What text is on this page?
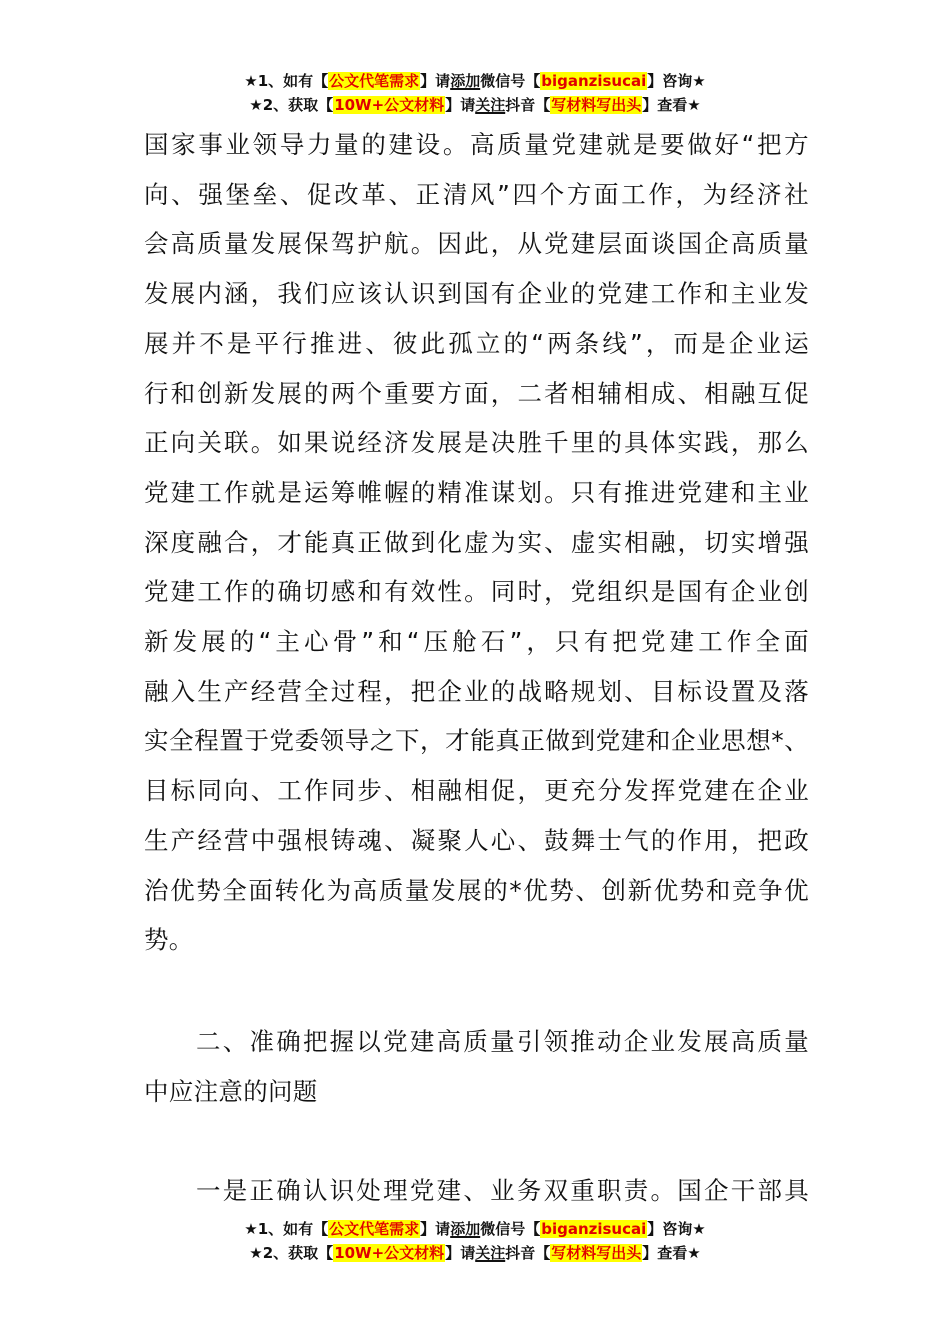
★1、如有【公文代笔需求】请添加微信号【biganzisucai】咨询★
★2、获取【10W+公文材料】请关注抖音【写材料写出头】查看★

国家事业领导力量的建设。高质量党建就是要做好“把方
向、强堡垒、促改革、正清风”四个方面工作，为经济社
会高质量发展保驾护航。因此，从党建层面谈国企高质量
发展内涵，我们应该认识到国有企业的党建工作和主业发
展并不是平行推进、彼此孤立的“两条线”，而是企业运
行和创新发展的两个重要方面，二者相辅相成、相融互促
正向关联。如果说经济发展是决胜千里的具体实践，那么
党建工作就是运筹帷幄的精准谋划。只有推进党建和主业
深度融合，才能真正做到化虚为实、虚实相融，切实增强
党建工作的确切感和有效性。同时，党组织是国有企业创
新发展的“主心骨”和“压舱石”，只有把党建工作全面
融入生产经营全过程，把企业的战略规划、目标设置及落
实全程置于党委领导之下，才能真正做到党建和企业思想*、
目标同向、工作同步、相融相促，更充分发挥党建在企业
生产经营中强根铸魂、凝聚人心、鼓舞士气的作用，把政
治优势全面转化为高质量发展的*优势、创新优势和竞争优
势。

二、准确把握以党建高质量引领推动企业发展高质量
中应注意的问题

一是正确认识处理党建、业务双重职责。国企干部具

★1、如有【公文代笔需求】请添加微信号【biganzisucai】咨询★
★2、获取【10W+公文材料】请关注抖音【写材料写出头】查看★
